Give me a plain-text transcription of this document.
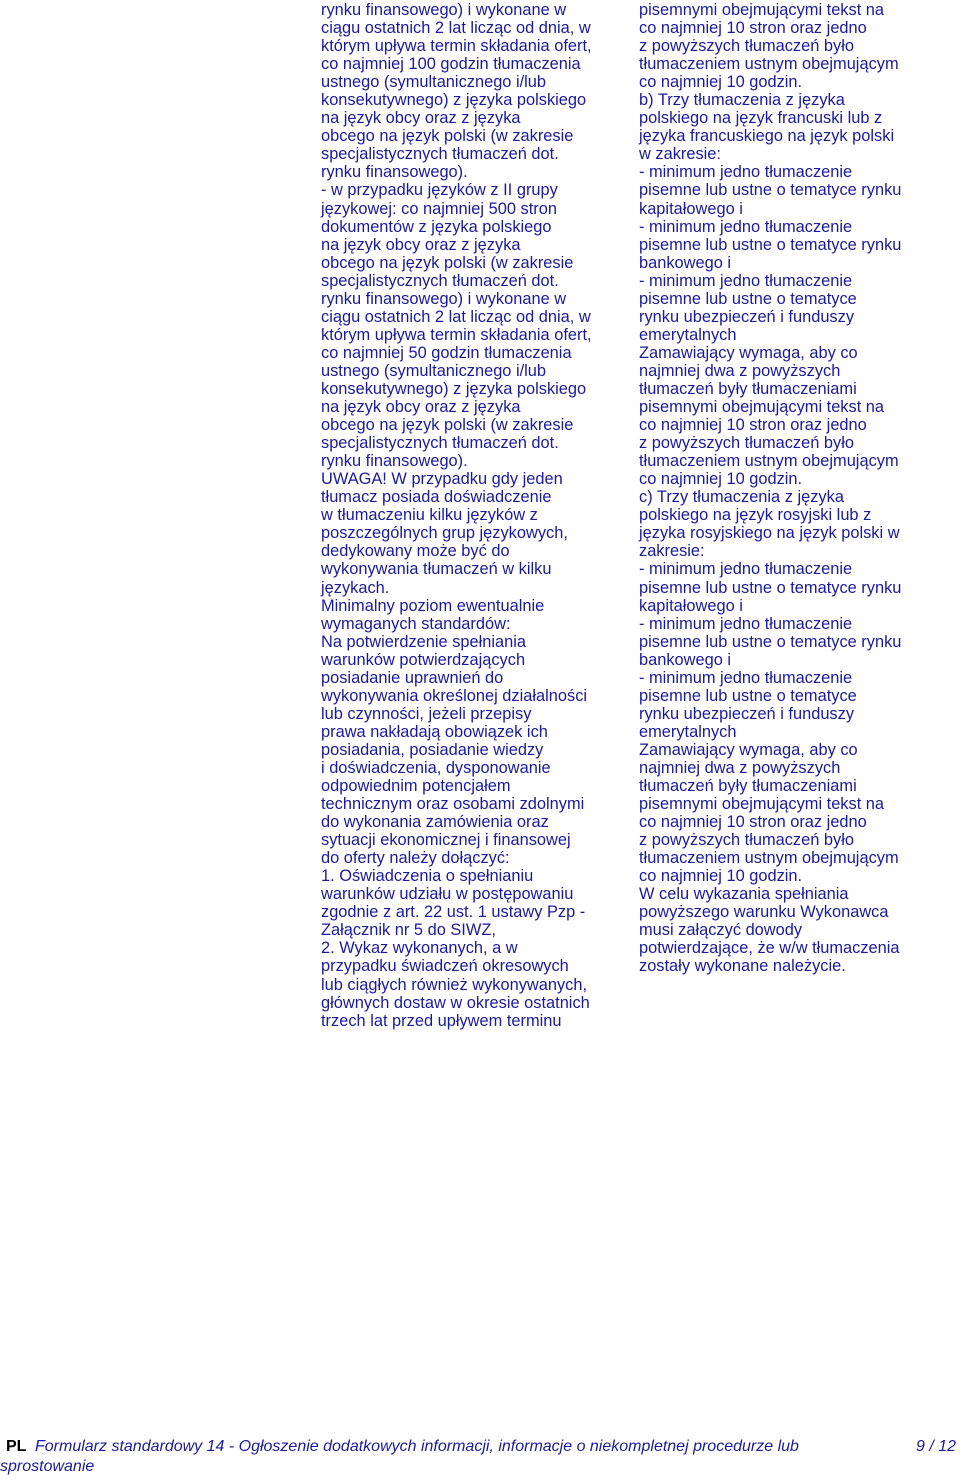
rynku finansowego) i wykonane w
ciągu ostatnich 2 lat licząc od dnia, w
którym upływa termin składania ofert,
co najmniej 100 godzin tłumaczenia
ustnego (symultanicznego i/lub
konsekutywnego) z języka polskiego
na język obcy oraz z języka
obcego na język polski (w zakresie
specjalistycznych tłumaczeń dot.
rynku finansowego).
- w przypadku języków z II grupy
językowej: co najmniej 500 stron
dokumentów z języka polskiego
na język obcy oraz z języka
obcego na język polski (w zakresie
specjalistycznych tłumaczeń dot.
rynku finansowego) i wykonane w
ciągu ostatnich 2 lat licząc od dnia, w
którym upływa termin składania ofert,
co najmniej 50 godzin tłumaczenia
ustnego (symultanicznego i/lub
konsekutywnego) z języka polskiego
na język obcy oraz z języka
obcego na język polski (w zakresie
specjalistycznych tłumaczeń dot.
rynku finansowego).
UWAGA! W przypadku gdy jeden
tłumacz posiada doświadczenie
w tłumaczeniu kilku języków z
poszczególnych grup językowych,
dedykowany może być do
wykonywania tłumaczeń w kilku
językach.
Minimalny poziom ewentualnie
wymaganych standardów:
Na potwierdzenie spełniania
warunków potwierdzających
posiadanie uprawnień do
wykonywania określonej działalności
lub czynności, jeżeli przepisy
prawa nakładają obowiązek ich
posiadania, posiadanie wiedzy
i doświadczenia, dysponowanie
odpowiednim potencjałem
technicznym oraz osobami zdolnymi
do wykonania zamówienia oraz
sytuacji ekonomicznej i finansowej
do oferty należy dołączyć:
1. Oświadczenia o spełnianiu
warunków udziału w postępowaniu
zgodnie z art. 22 ust. 1 ustawy Pzp -
Załącznik nr 5 do SIWZ,
2. Wykaz wykonanych, a w
przypadku świadczeń okresowych
lub ciągłych również wykonywanych,
głównych dostaw w okresie ostatnich
trzech lat przed upływem terminu
pisemnymi obejmującymi tekst na
co najmniej 10 stron oraz jedno
z powyższych tłumaczeń było
tłumaczeniem ustnym obejmującym
co najmniej 10 godzin.
b) Trzy tłumaczenia z języka
polskiego na język francuski lub z
języka francuskiego na język polski
w zakresie:
- minimum jedno tłumaczenie
pisemne lub ustne o tematyce rynku
kapitałowego i
- minimum jedno tłumaczenie
pisemne lub ustne o tematyce rynku
bankowego i
- minimum jedno tłumaczenie
pisemne lub ustne o tematyce
rynku ubezpieczeń i funduszy
emerytalnych
Zamawiający wymaga, aby co
najmniej dwa z powyższych
tłumaczeń były tłumaczeniami
pisemnymi obejmującymi tekst na
co najmniej 10 stron oraz jedno
z powyższych tłumaczeń było
tłumaczeniem ustnym obejmującym
co najmniej 10 godzin.
c) Trzy tłumaczenia z języka
polskiego na język rosyjski lub z
języka rosyjskiego na język polski w
zakresie:
- minimum jedno tłumaczenie
pisemne lub ustne o tematyce rynku
kapitałowego i
- minimum jedno tłumaczenie
pisemne lub ustne o tematyce rynku
bankowego i
- minimum jedno tłumaczenie
pisemne lub ustne o tematyce
rynku ubezpieczeń i funduszy
emerytalnych
Zamawiający wymaga, aby co
najmniej dwa z powyższych
tłumaczeń były tłumaczeniami
pisemnymi obejmującymi tekst na
co najmniej 10 stron oraz jedno
z powyższych tłumaczeń było
tłumaczeniem ustnym obejmującym
co najmniej 10 godzin.
W celu wykazania spełniania
powyższego warunku Wykonawca
musi załączyć dowody
potwierdzające, że w/w tłumaczenia
zostały wykonane należycie.
PL Formularz standardowy 14 - Ogłoszenie dodatkowych informacji, informacje o niekompletnej procedurze lub
sprostowanie
9 / 12
